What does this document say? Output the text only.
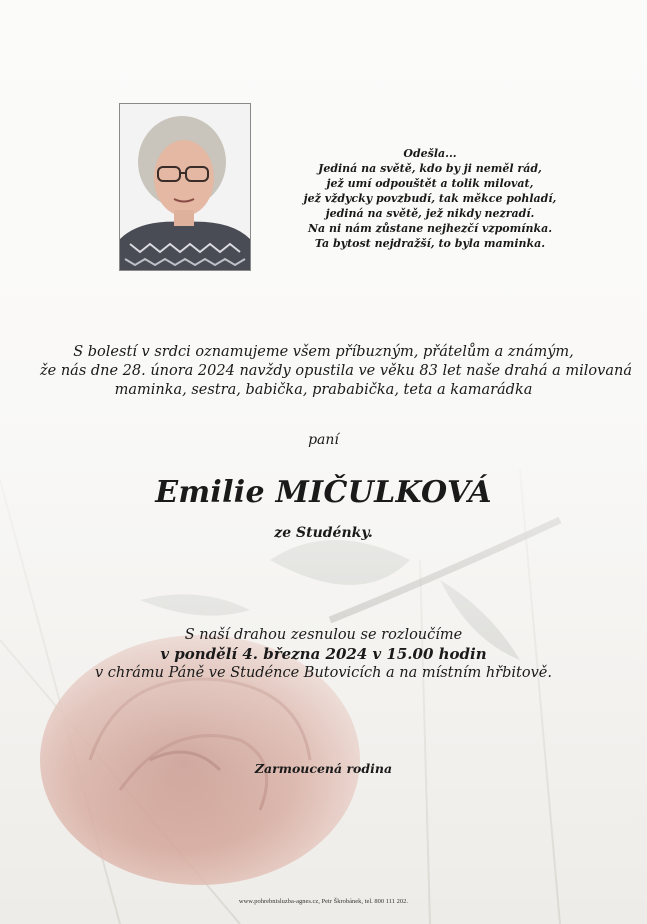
Odešla...
Jediná na světě, kdo by ji neměl rád,
jež umí odpouštět a tolik milovat,
jež vždycky povzbudí, tak měkce pohladí,
jediná na světě, jež nikdy nezradí.
Na ni nám zůstane nejhezčí vzpomínka.
Ta bytost nejdražší, to byla maminka.
S bolestí v srdci oznamujeme všem příbuzným, přátelům a známým,
že nás dne 28. února 2024 navždy opustila ve věku 83 let naše drahá a milovaná
maminka, sestra, babička, prababička, teta a kamarádka
paní
Emilie MIČULKOVÁ
ze Studénky.
S naší drahou zesnulou se rozloučíme
v pondělí 4. března 2024 v 15.00 hodin
v chrámu Páně ve Studénce Butovicích a na místním hřbitově.
Zarmoucená rodina
www.pohrebnisluzba-agnes.cz, Petr Škrobánek, tel. 800 111 202.
